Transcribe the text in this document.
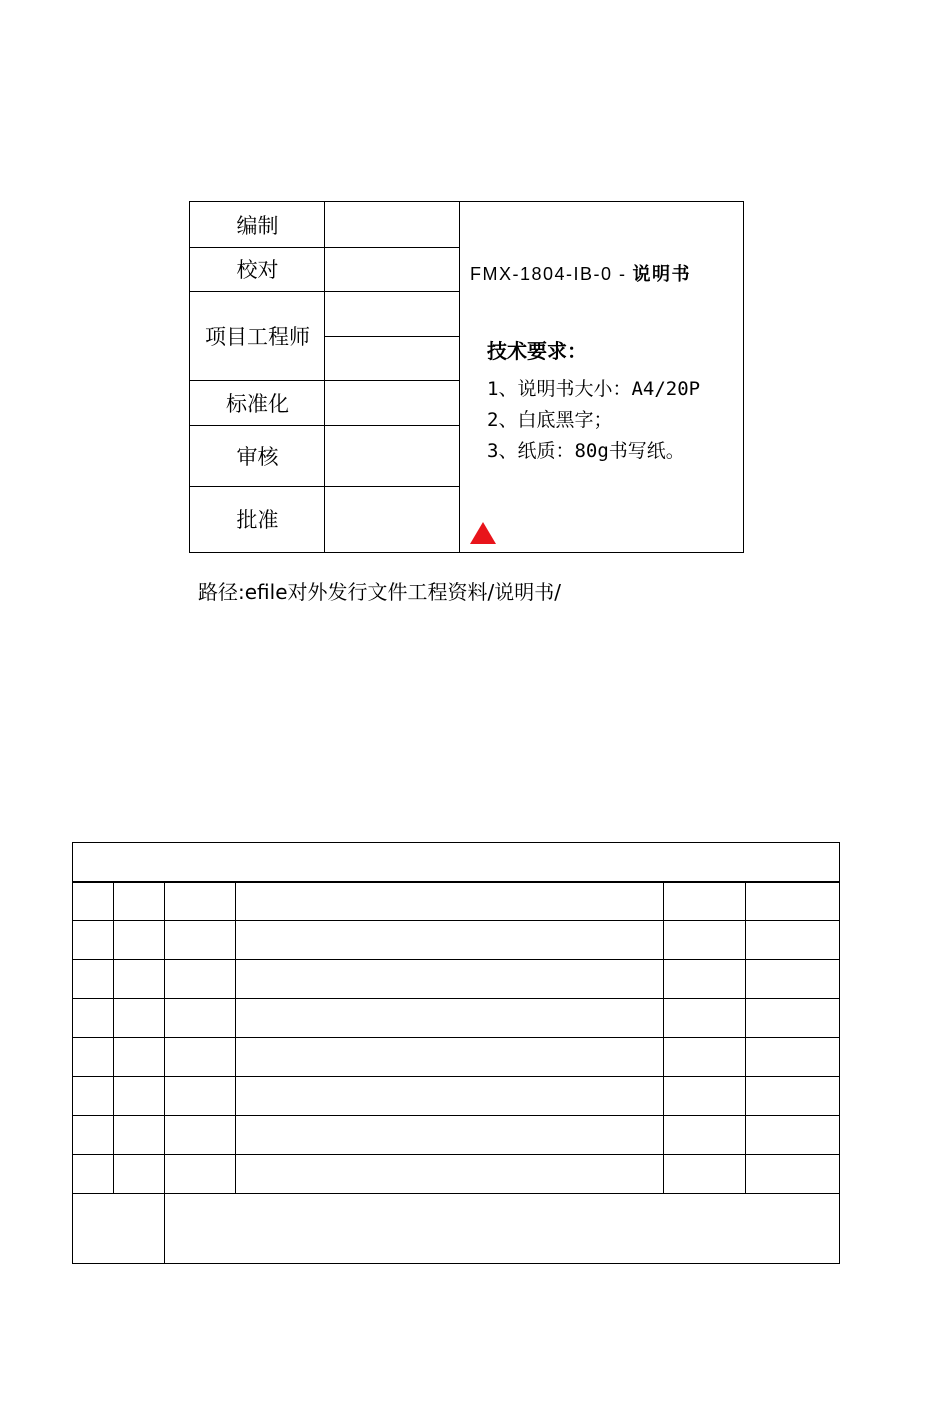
编制
校对
项目工程师
标准化
审核
批准
FMX-1804-IB-0 - 说明书
技术要求：
1、说明书大小：A4/20P
2、白底黑字；
3、纸质：80g书写纸。
路径:efile对外发行文件工程资料/说明书/
